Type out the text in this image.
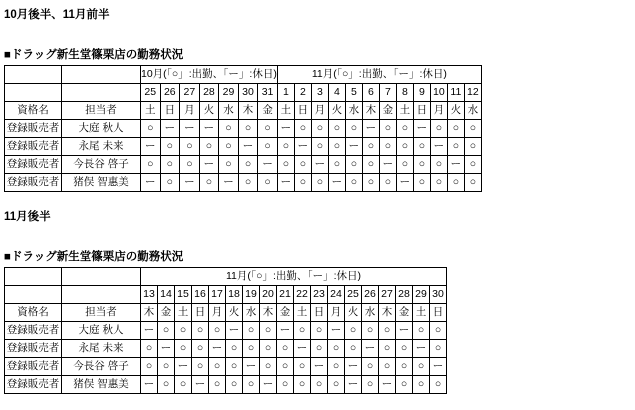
10月後半、11月前半
■ドラッグ新生堂篠栗店の勤務状況
		10月(「○」:出勤、「ー」:休日)							11月(「○」:出勤、「ー」:休日)											
		25	26	27	28	29	30	31	1	2	3	4	5	6	7	8	9	10	11	12
資格名	担当者	土	日	月	火	水	木	金	土	日	月	火	水	木	金	土	日	月	火	水
登録販売者	大庭 秋人	○	ー	ー	ー	○	○	○	ー	○	○	○	○	ー	○	○	ー	○	○	○
登録販売者	永尾 未来	ー	○	○	○	○	ー	○	○	ー	○	○	ー	○	○	○	○	ー	○	○
登録販売者	今長谷 啓子	○	○	○	ー	○	○	ー	○	○	ー	○	○	○	ー	○	○	○	ー	○
登録販売者	猪俣 智惠美	ー	○	ー	○	ー	○	○	ー	○	○	ー	○	○	○	ー	○	○	○	○
11月後半
■ドラッグ新生堂篠栗店の勤務状況
		11月(「○」:出勤、「ー」:休日)																	
		13	14	15	16	17	18	19	20	21	22	23	24	25	26	27	28	29	30
資格名	担当者	木	金	土	日	月	火	水	木	金	土	日	月	火	水	木	金	土	日
登録販売者	大庭 秋人	ー	○	○	○	○	ー	○	○	ー	○	○	ー	○	○	○	ー	○	○
登録販売者	永尾 未来	○	ー	○	○	ー	○	○	○	○	ー	○	○	○	ー	○	○	ー	○
登録販売者	今長谷 啓子	○	○	ー	○	○	○	ー	○	○	○	ー	○	ー	○	○	○	○	ー
登録販売者	猪俣 智惠美	ー	○	○	ー	○	○	○	ー	○	○	○	○	ー	○	ー	○	○	○
